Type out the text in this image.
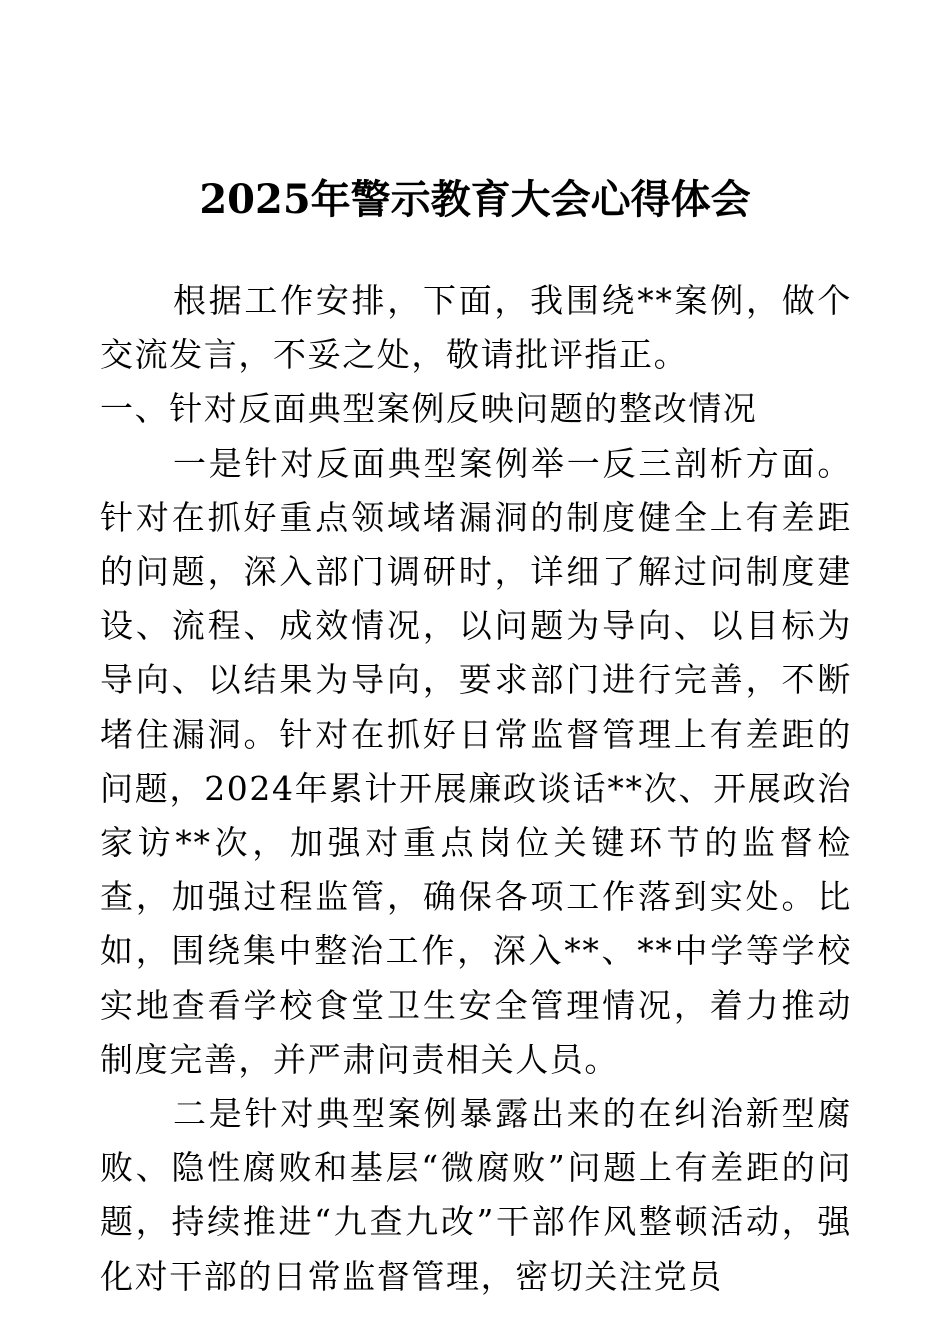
2025年警示教育大会心得体会

根据工作安排，下面，我围绕**案例，做个交流发言，不妥之处，敬请批评指正。

一、针对反面典型案例反映问题的整改情况

一是针对反面典型案例举一反三剖析方面。针对在抓好重点领域堵漏洞的制度健全上有差距的问题，深入部门调研时，详细了解过问制度建设、流程、成效情况，以问题为导向、以目标为导向、以结果为导向，要求部门进行完善，不断堵住漏洞。针对在抓好日常监督管理上有差距的问题，2024年累计开展廉政谈话**次、开展政治家访**次，加强对重点岗位关键环节的监督检查，加强过程监管，确保各项工作落到实处。比如，围绕集中整治工作，深入**、**中学等学校实地查看学校食堂卫生安全管理情况，着力推动制度完善，并严肃问责相关人员。

二是针对典型案例暴露出来的在纠治新型腐败、隐性腐败和基层“微腐败”问题上有差距的问题，持续推进“九查九改”干部作风整顿活动，强化对干部的日常监督管理，密切关注党员
